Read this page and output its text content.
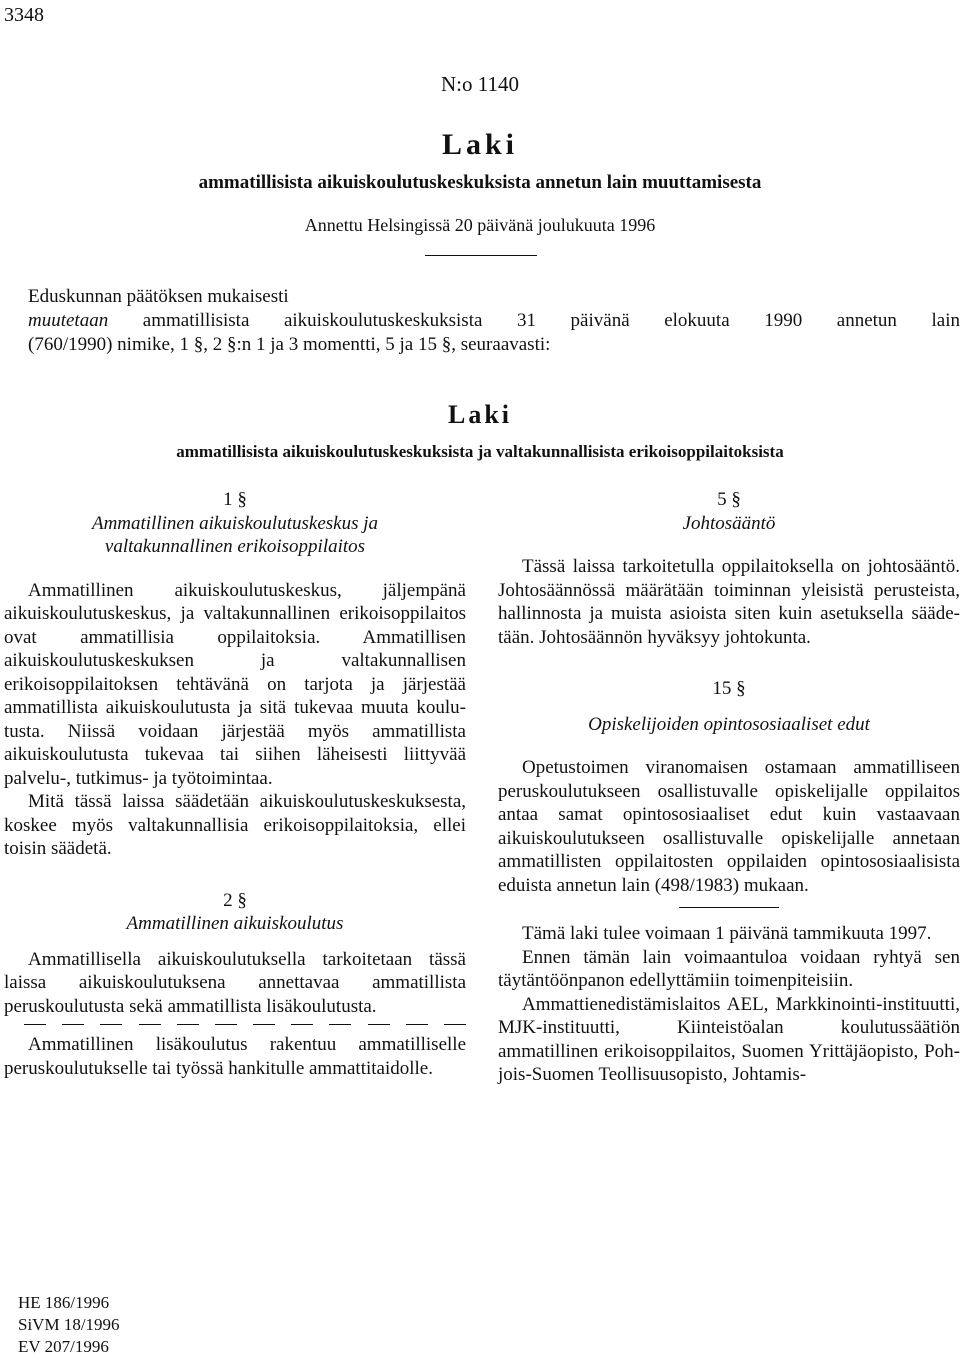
3348
N:o 1140
Laki
ammatillisista aikuiskoulutuskeskuksista annetun lain muuttamisesta
Annettu Helsingissä 20 päivänä joulukuuta 1996
Eduskunnan päätöksen mukaisesti
muutetaan ammatillisista aikuiskoulutuskeskuksista 31 päivänä elokuuta 1990 annetun lain
(760/1990) nimike, 1 §, 2 §:n 1 ja 3 momentti, 5 ja 15 §, seuraavasti:
Laki
ammatillisista aikuiskoulutuskeskuksista ja valtakunnallisista erikoisoppilaitoksista

1 §

Ammatillinen aikuiskoulutuskeskus ja

valtakunnallinen erikoisoppilaitos

Ammatillinen aikuiskoulutuskeskus, jäljempänä aikuiskoulutuskeskus, ja valtakunnallinen erikoisoppilaitos ovat ammatillisia oppilaitoksia. Ammatillisen aikuiskoulutuskeskuksen ja valtakunnallisen erikoisoppilaitoksen tehtävänä on tarjota ja järjestää ammatillista aikuiskoulutusta ja sitä tukevaa muuta koulutusta. Niissä voidaan järjestää myös ammatillista aikuiskoulutusta tukevaa tai siihen läheisesti liittyvää palvelu-, tutkimus- ja työtoimintaa.

Mitä tässä laissa säädetään aikuiskoulutuskeskuksesta, koskee myös valtakunnallisia erikoisoppilaitoksia, ellei toisin säädetä.

2 §

Ammatillinen aikuiskoulutus

Ammatillisella aikuiskoulutuksella tarkoitetaan tässä laissa aikuiskoulutuksena annettavaa ammatillista peruskoulutusta sekä ammatillista lisäkoulutusta.

Ammatillinen lisäkoulutus rakentuu ammatilliselle peruskoulutukselle tai työssä hankitulle ammattitaidolle.

5 §

Johtosääntö

Tässä laissa tarkoitetulla oppilaitoksella on johtosääntö. Johtosäännössä määrätään toiminnan yleisistä perusteista, hallinnosta ja muista asioista siten kuin asetuksella säädetään. Johtosäännön hyväksyy johtokunta.

15 §

Opiskelijoiden opintososiaaliset edut

Opetustoimen viranomaisen ostamaan ammatilliseen peruskoulutukseen osallistuvalle opiskelijalle oppilaitos antaa samat opintososiaaliset edut kuin vastaavaan aikuiskoulutukseen osallistuvalle opiskelijalle annetaan ammatillisten oppilaitosten oppilaiden opintososiaalisista eduista annetun lain (498/1983) mukaan.

Tämä laki tulee voimaan 1 päivänä tammikuuta 1997.

Ennen tämän lain voimaantuloa voidaan ryhtyä sen täytäntöönpanon edellyttämiin toimenpiteisiin.

Ammattienedistämislaitos AEL, Markkinointi-instituutti, MJK-instituutti, Kiinteistöalan koulutussäätiön ammatillinen erikoisoppilaitos, Suomen Yrittäjäopisto, Pohjois-Suomen Teollisuusopisto, Johtamis-

HE 186/1996
SiVM 18/1996
EV 207/1996
